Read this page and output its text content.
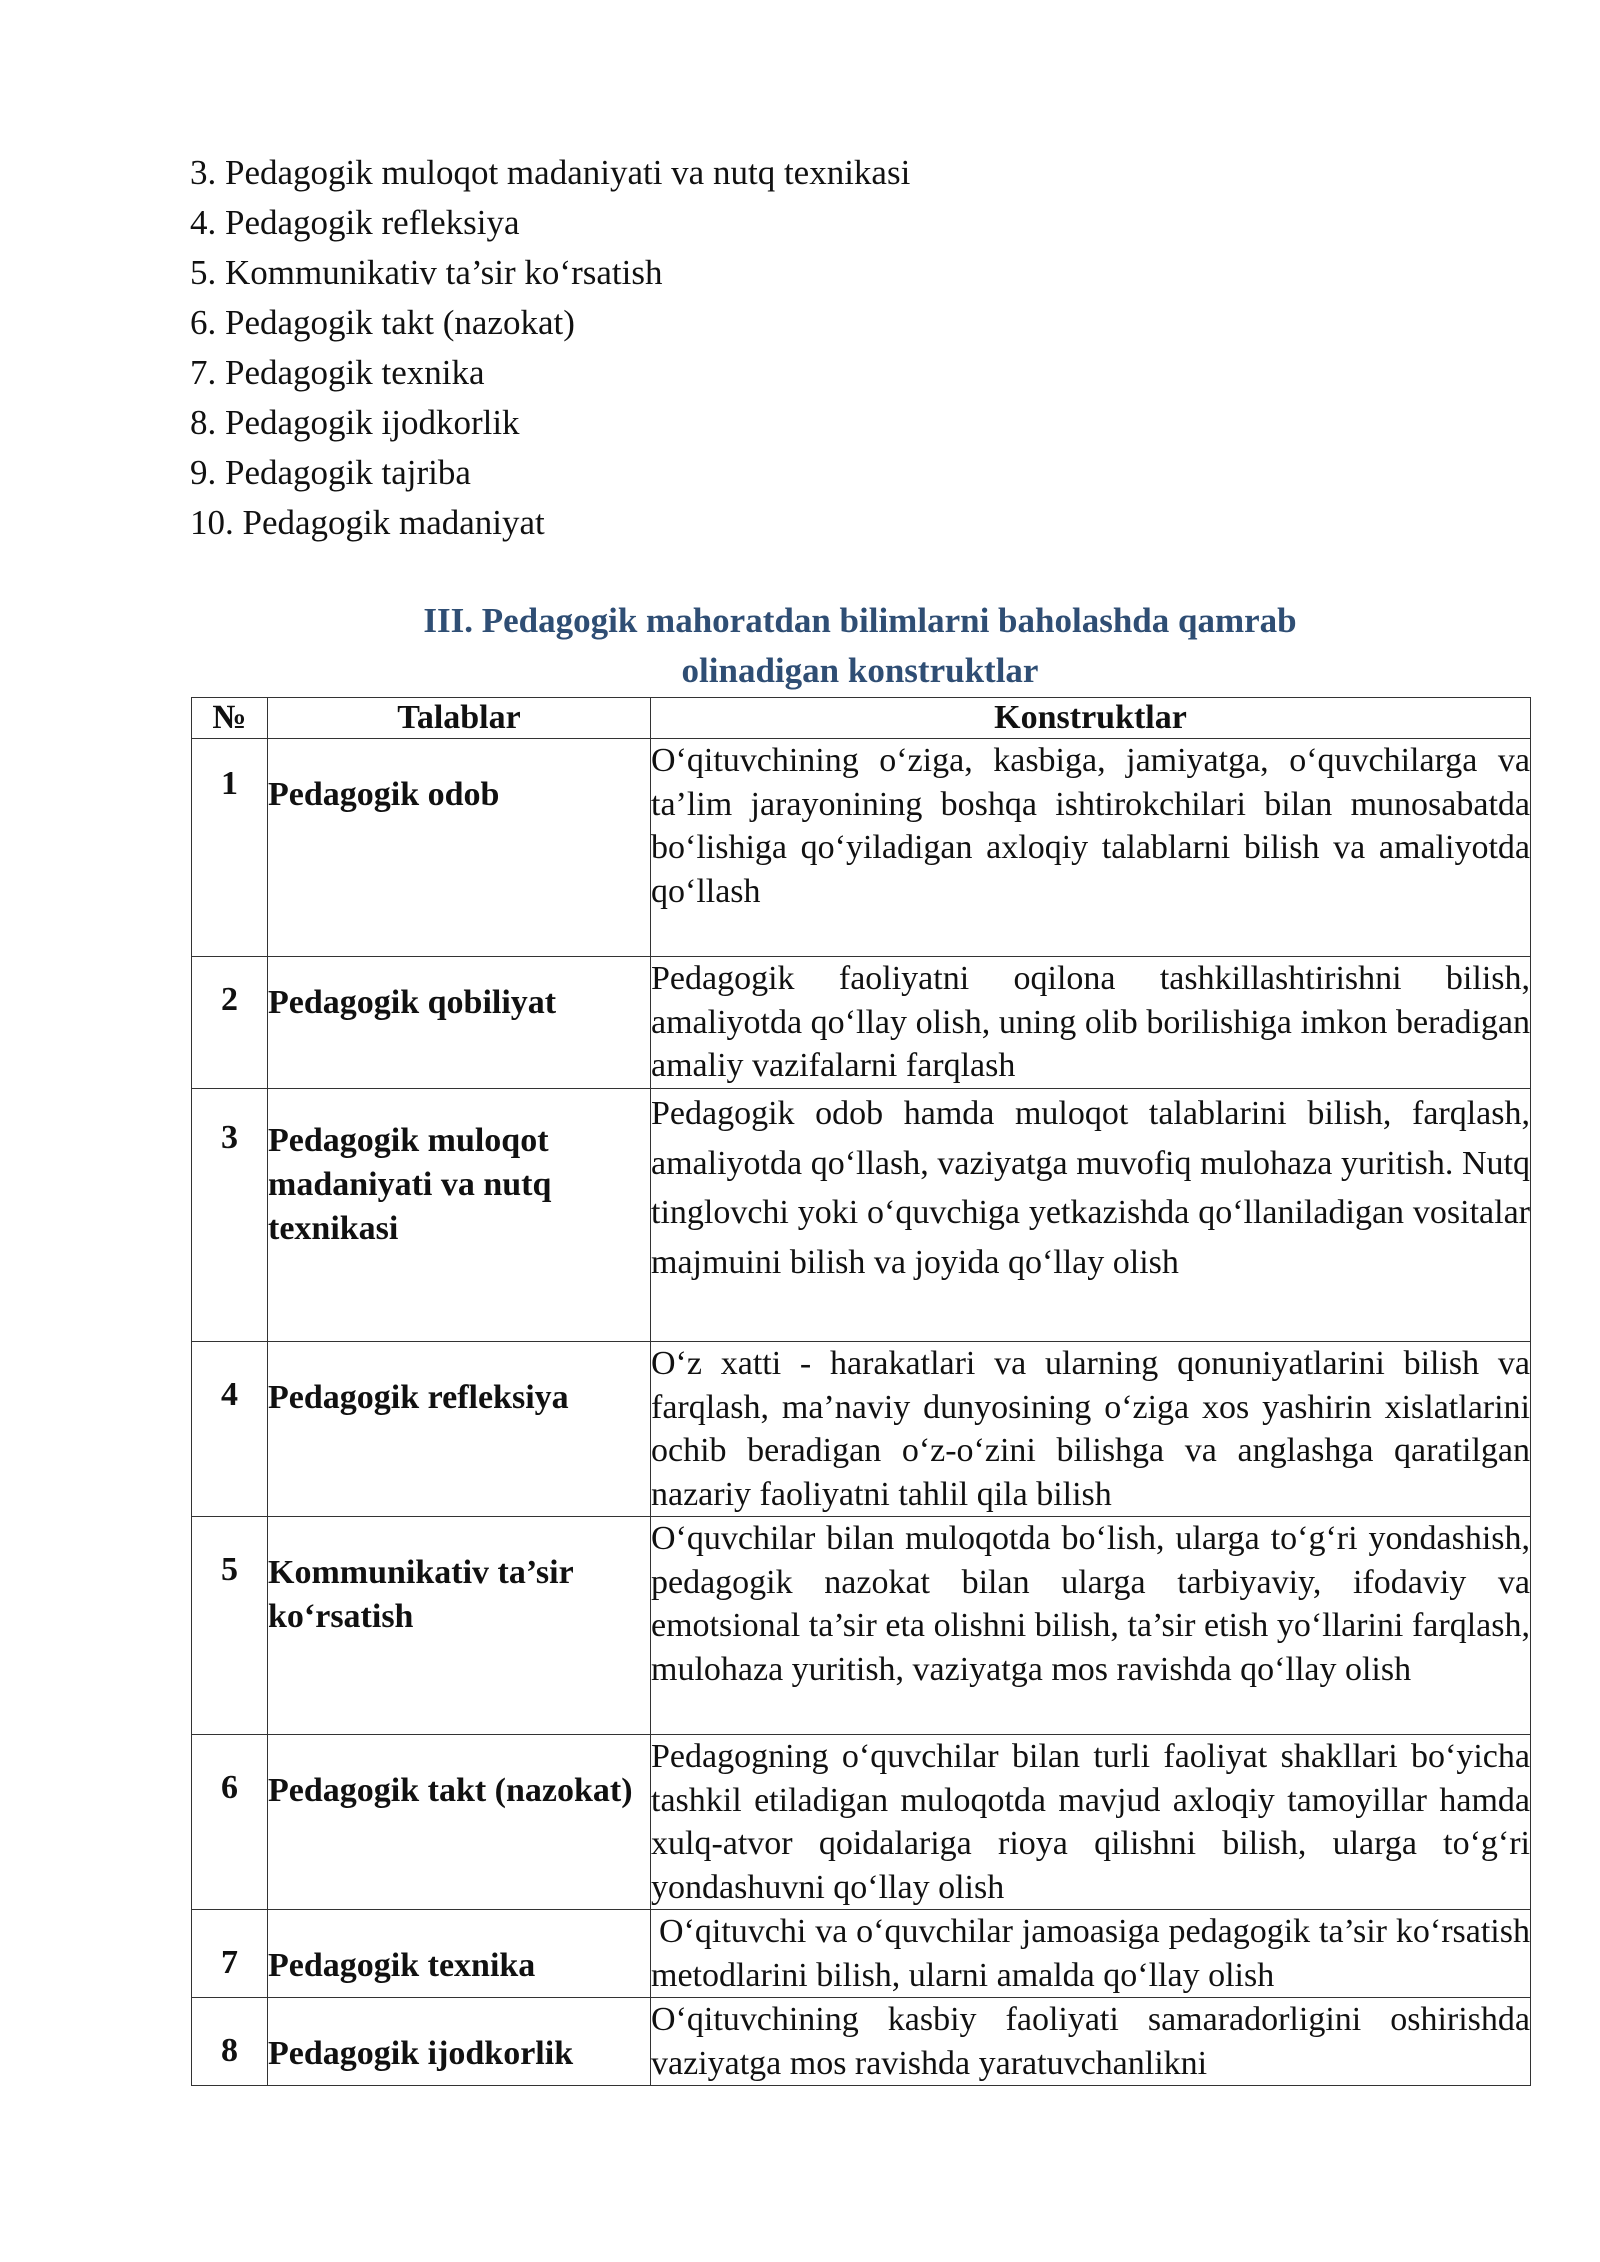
3. Pedagogik muloqot madaniyati va nutq texnikasi
4. Pedagogik refleksiya
5. Kommunikativ ta’sir ko‘rsatish
6. Pedagogik takt (nazokat)
7. Pedagogik texnika
8. Pedagogik ijodkorlik
9. Pedagogik tajriba
10. Pedagogik madaniyat
III. Pedagogik mahoratdan bilimlarni baholashda qamrab
olinadigan konstruktlar
№	Talablar	Konstruktlar

1	Pedagogik odob	O‘qituvchining o‘ziga, kasbiga, jamiyatga, o‘quvchilarga va ta’lim jarayonining boshqa ishtirokchilari bilan munosabatda bo‘lishiga qo‘yiladigan axloqiy talablarni bilish va amaliyotda qo‘llash

2	Pedagogik qobiliyat	Pedagogik faoliyatni oqilona tashkillashtirishni bilish, amaliyotda qo‘llay olish, uning olib borilishiga imkon beradigan amaliy vazifalarni farqlash

3	Pedagogik muloqot madaniyati va nutq texnikasi	Pedagogik odob hamda muloqot talablarini bilish, farqlash, amaliyotda qo‘llash, vaziyatga muvofiq mulohaza yuritish. Nutq tinglovchi yoki o‘quvchiga yetkazishda qo‘llaniladigan vositalar majmuini bilish va joyida qo‘llay olish

4	Pedagogik refleksiya	O‘z xatti - harakatlari va ularning qonuniyatlarini bilish va farqlash, ma’naviy dunyosining o‘ziga xos yashirin xislatlarini ochib beradigan o‘z-o‘zini bilishga va anglashga qaratilgan nazariy faoliyatni tahlil qila bilish

5	Kommunikativ ta’sir ko‘rsatish	O‘quvchilar bilan muloqotda bo‘lish, ularga to‘g‘ri yondashish, pedagogik nazokat bilan ularga tarbiyaviy, ifodaviy va emotsional ta’sir eta olishni bilish, ta’sir etish yo‘llarini farqlash, mulohaza yuritish, vaziyatga mos ravishda qo‘llay olish

6	Pedagogik takt (nazokat)	Pedagogning o‘quvchilar bilan turli faoliyat shakllari bo‘yicha tashkil etiladigan muloqotda mavjud axloqiy tamoyillar hamda xulq-atvor qoidalariga rioya qilishni bilish, ularga to‘g‘ri yondashuvni qo‘llay olish

7	Pedagogik texnika	O‘qituvchi va o‘quvchilar jamoasiga pedagogik ta’sir ko‘rsatish metodlarini bilish, ularni amalda qo‘llay olish

8	Pedagogik ijodkorlik	O‘qituvchining kasbiy faoliyati samaradorligini oshirishda vaziyatga mos ravishda yaratuvchanlikni
